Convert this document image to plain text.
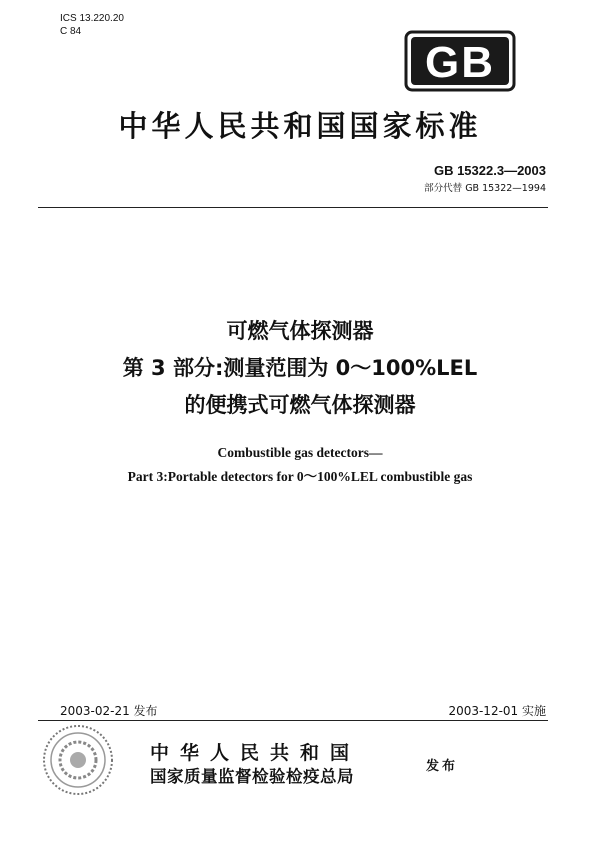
ICS 13.220.20
C 84
GB
中华人民共和国国家标准
GB 15322.3—2003
部分代替 GB 15322—1994
可燃气体探测器
第 3 部分:测量范围为 0～100%LEL
的便携式可燃气体探测器
Combustible gas detectors—
Part 3:Portable detectors for 0～100%LEL combustible gas
2003-02-21 发布	2003-12-01 实施
中华人民共和国
国家质量监督检验检疫总局
发布
